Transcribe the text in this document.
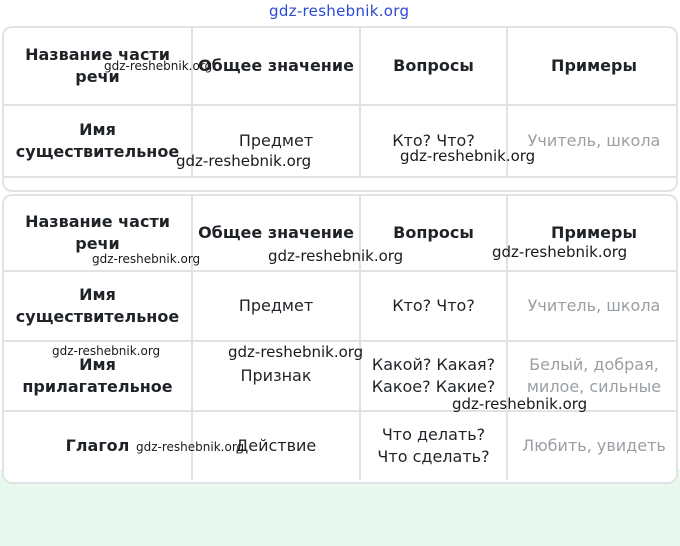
gdz-reshebnik.org
Название части речи	Общее значение	Вопросы	Примеры
Имя существительное	Предмет	Кто? Что?	Учитель, школа

Название части речи	Общее значение	Вопросы	Примеры
Имя существительное	Предмет	Кто? Что?	Учитель, школа
Имя прилагательное	Признак	Какой? Какая? Какое? Какие?	Белый, добрая, милое, сильные
Глагол	Действие	Что делать? Что сделать?	Любить, увидеть
gdz-reshebnik.org
gdz-reshebnik.org	gdz-reshebnik.org
gdz-reshebnik.org	gdz-reshebnik.org	gdz-reshebnik.org
gdz-reshebnik.org	gdz-reshebnik.org
gdz-reshebnik.org
gdz-reshebnik.org
